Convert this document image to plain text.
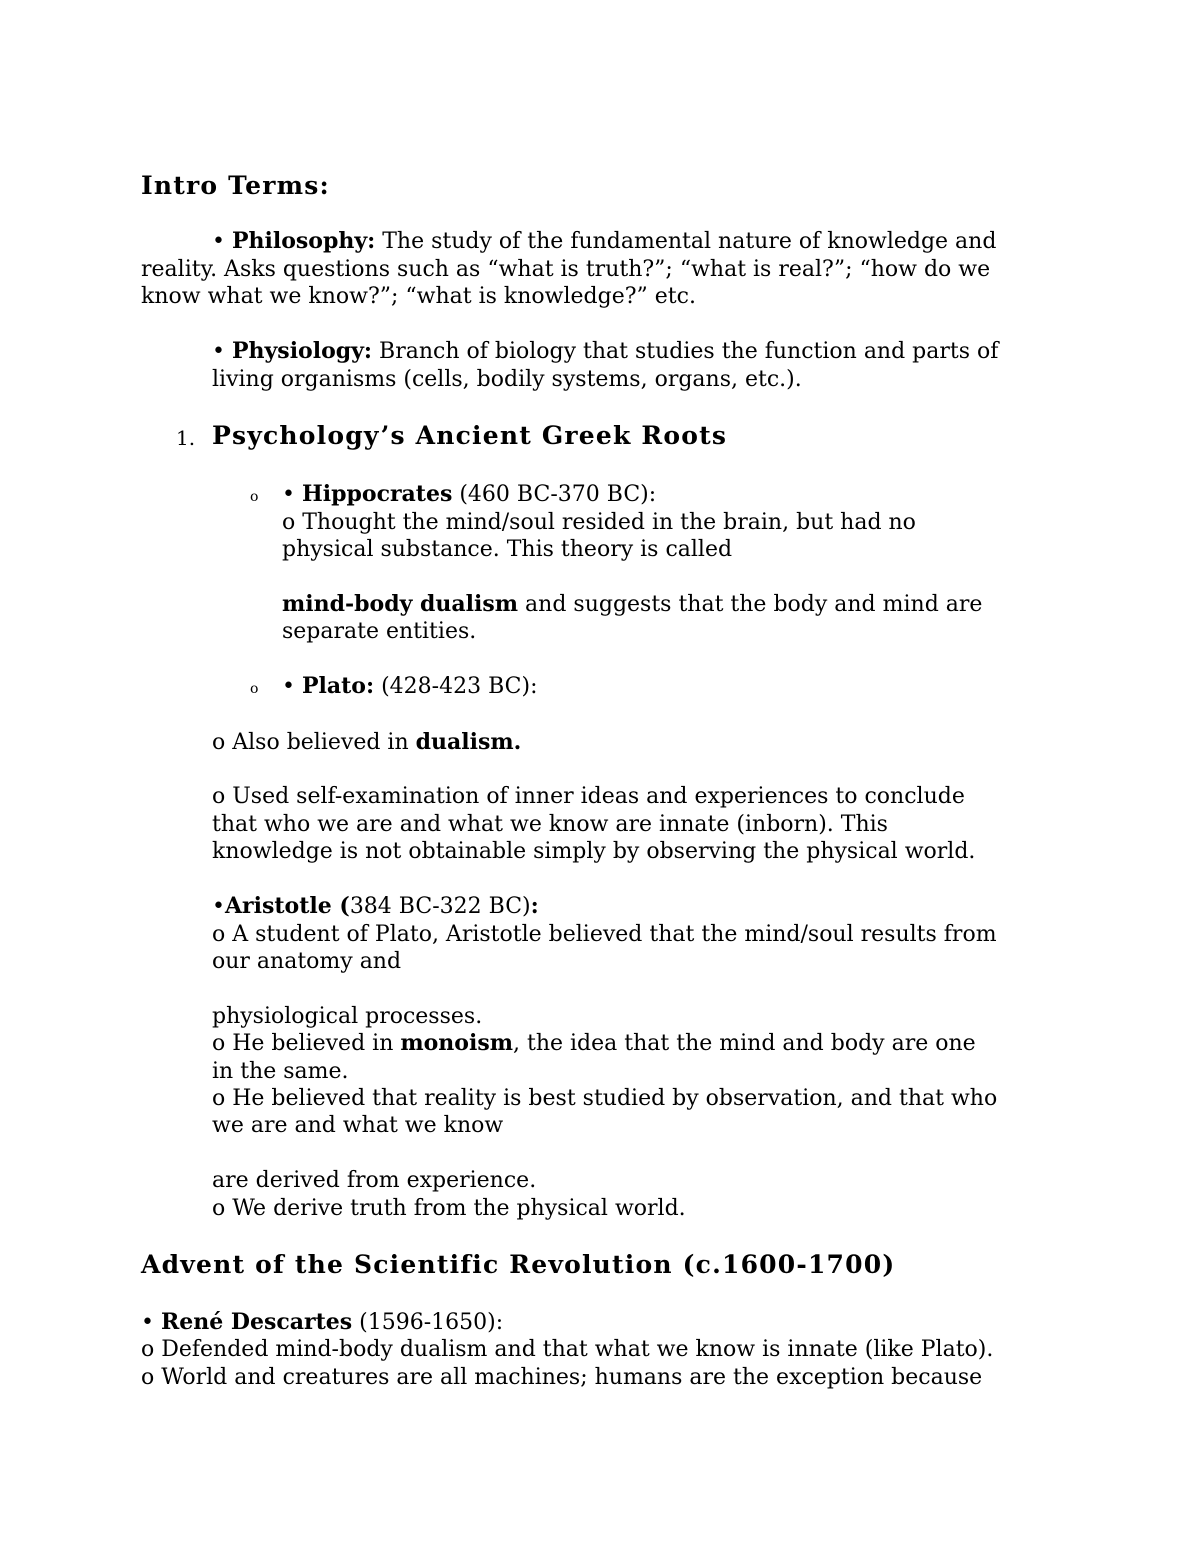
Intro Terms:
• Philosophy: The study of the fundamental nature of knowledge and
reality. Asks questions such as “what is truth?”; “what is real?”; “how do we
know what we know?”; “what is knowledge?” etc.
• Physiology: Branch of biology that studies the function and parts of
living organisms (cells, bodily systems, organs, etc.).
1. Psychology’s Ancient Greek Roots
o • Hippocrates (460 BC-370 BC):
o Thought the mind/soul resided in the brain, but had no
physical substance. This theory is called
mind-body dualism and suggests that the body and mind are
separate entities.
o • Plato: (428-423 BC):
o Also believed in dualism.
o Used self-examination of inner ideas and experiences to conclude
that who we are and what we know are innate (inborn). This
knowledge is not obtainable simply by observing the physical world.
•Aristotle (384 BC-322 BC):
o A student of Plato, Aristotle believed that the mind/soul results from
our anatomy and
physiological processes.
o He believed in monoism, the idea that the mind and body are one
in the same.
o He believed that reality is best studied by observation, and that who
we are and what we know
are derived from experience.
o We derive truth from the physical world.
Advent of the Scientific Revolution (c.1600-1700)
• René Descartes (1596-1650):
o Defended mind-body dualism and that what we know is innate (like Plato).
o World and creatures are all machines; humans are the exception because
